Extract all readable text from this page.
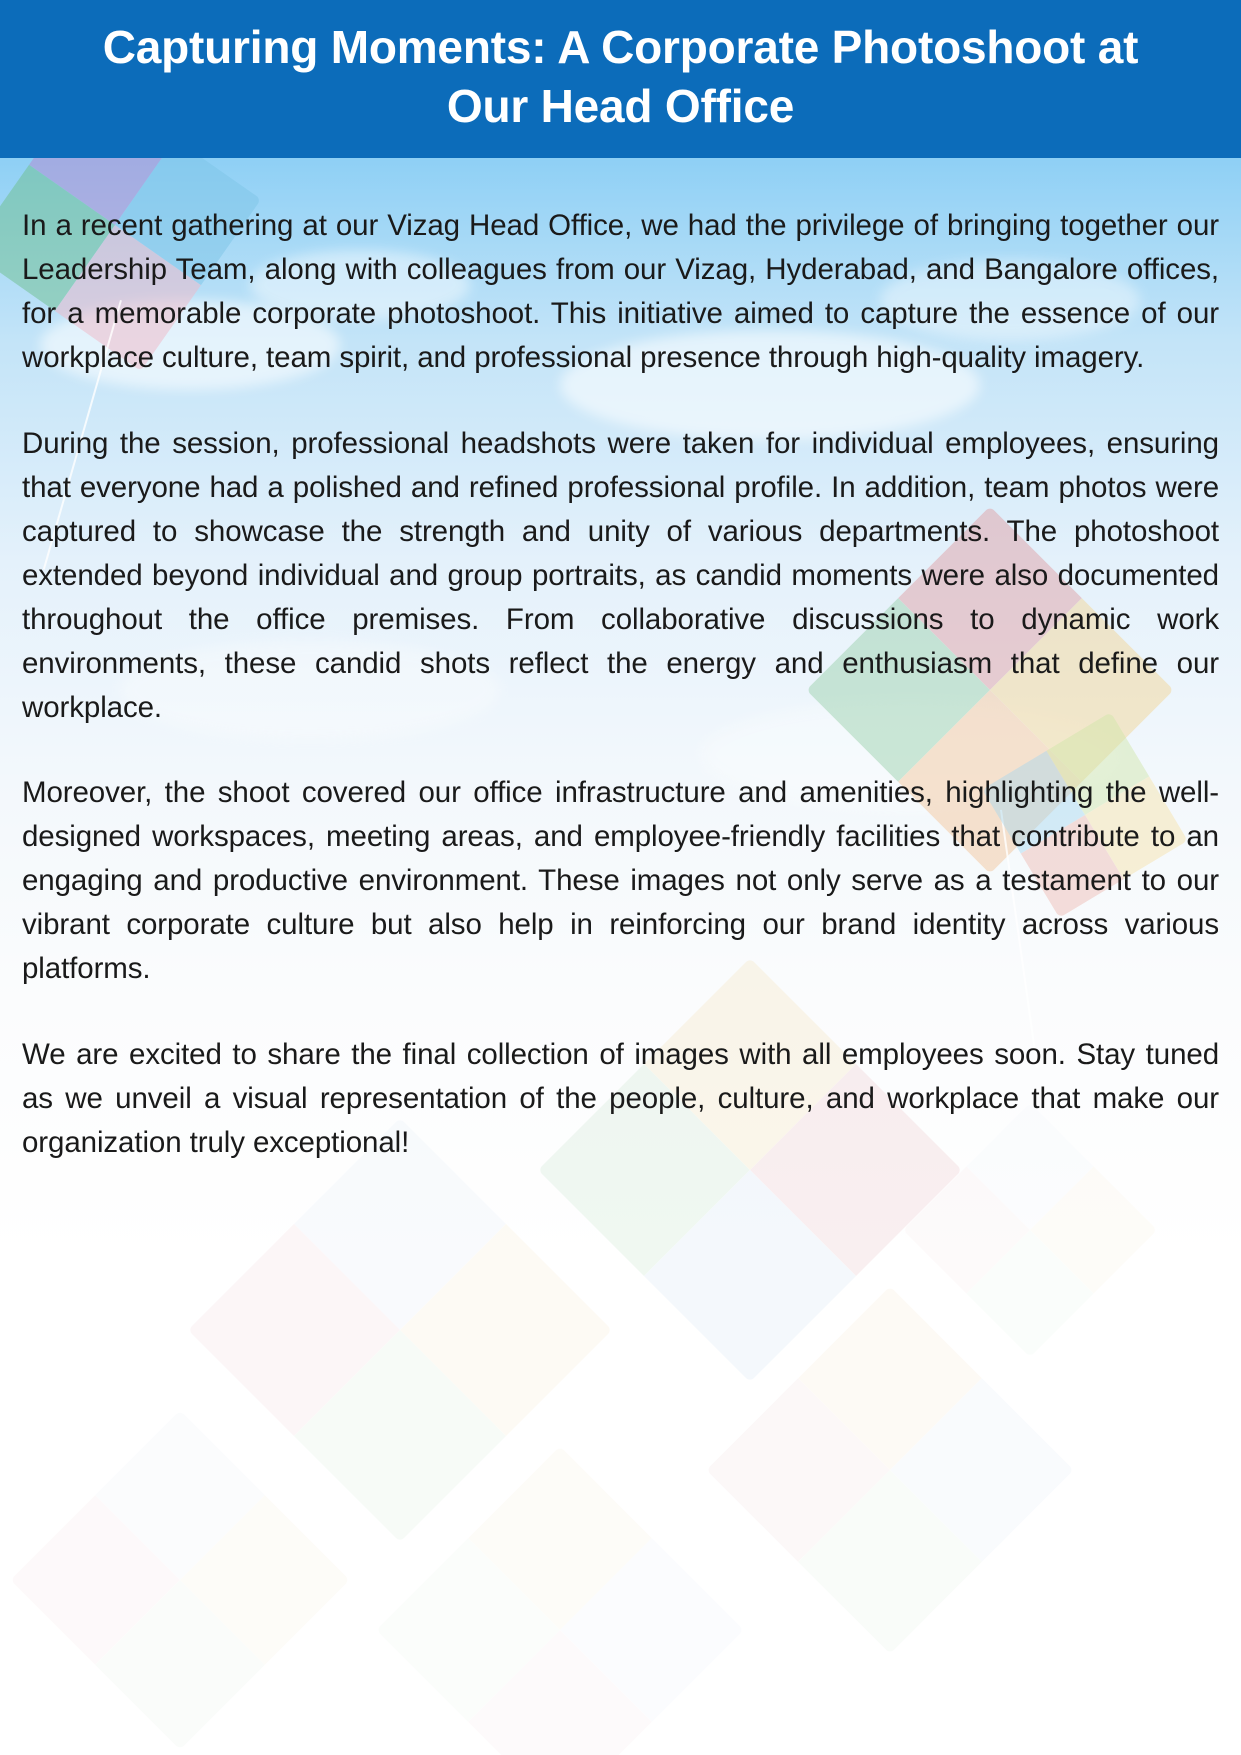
Capturing Moments: A Corporate Photoshoot at Our Head Office

In a recent gathering at our Vizag Head Office, we had the privilege of bringing together our Leadership Team, along with colleagues from our Vizag, Hyderabad, and Bangalore offices, for a memorable corporate photoshoot. This initiative aimed to capture the essence of our workplace culture, team spirit, and professional presence through high-quality imagery.

During the session, professional headshots were taken for individual employees, ensuring that everyone had a polished and refined professional profile. In addition, team photos were captured to showcase the strength and unity of various departments. The photoshoot extended beyond individual and group portraits, as candid moments were also documented throughout the office premises. From collaborative discussions to dynamic work environments, these candid shots reflect the energy and enthusiasm that define our workplace.

Moreover, the shoot covered our office infrastructure and amenities, highlighting the well-designed workspaces, meeting areas, and employee-friendly facilities that contribute to an engaging and productive environment. These images not only serve as a testament to our vibrant corporate culture but also help in reinforcing our brand identity across various platforms.

We are excited to share the final collection of images with all employees soon. Stay tuned as we unveil a visual representation of the people, culture, and workplace that make our organization truly exceptional!
